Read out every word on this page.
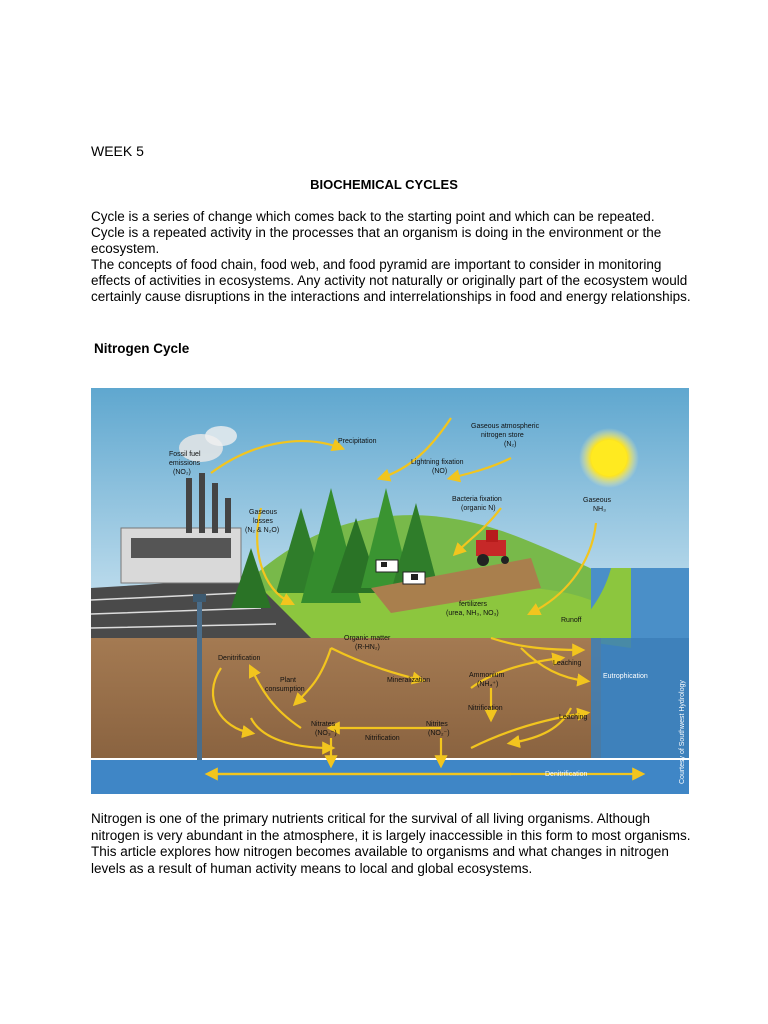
WEEK 5
BIOCHEMICAL CYCLES

Cycle is a series of change which comes back to the starting point and which can be repeated. Cycle is a repeated activity in the processes that an organism is doing in the environment or the ecosystem.

The concepts of food chain, food web, and food pyramid are important to consider in monitoring effects of activities in ecosystems. Any activity not naturally or originally part of the ecosystem would certainly cause disruptions in the interactions and interrelationships in food and energy relationships.

Nitrogen Cycle
Fossil fuel
emissions
(NO₂)
Precipitation
Gaseous atmospheric
nitrogen store
(N₂)
Lightning fixation
(NO)
Bacteria fixation
(organic N)
Gaseous
NH₃
Gaseous
losses
(N₂ & N₂O)
fertilizers
(urea, NH₃, NO₃)
Runoff
Organic matter
(R-HN₂)
Denitrification
Plant
consumption
Mineralization
Ammonium
(NH₄⁺)
Leaching
Eutrophication
Nitrification
Nitrates
(NO₃⁻)
Nitrites
(NO₂⁻)
Nitrification
Leaching
Denitrification	Courtesy of Southwest Hydrology
Nitrogen is one of the primary nutrients critical for the survival of all living organisms. Although nitrogen is very abundant in the atmosphere, it is largely inaccessible in this form to most organisms. This article explores how nitrogen becomes available to organisms and what changes in nitrogen levels as a result of human activity means to local and global ecosystems.
